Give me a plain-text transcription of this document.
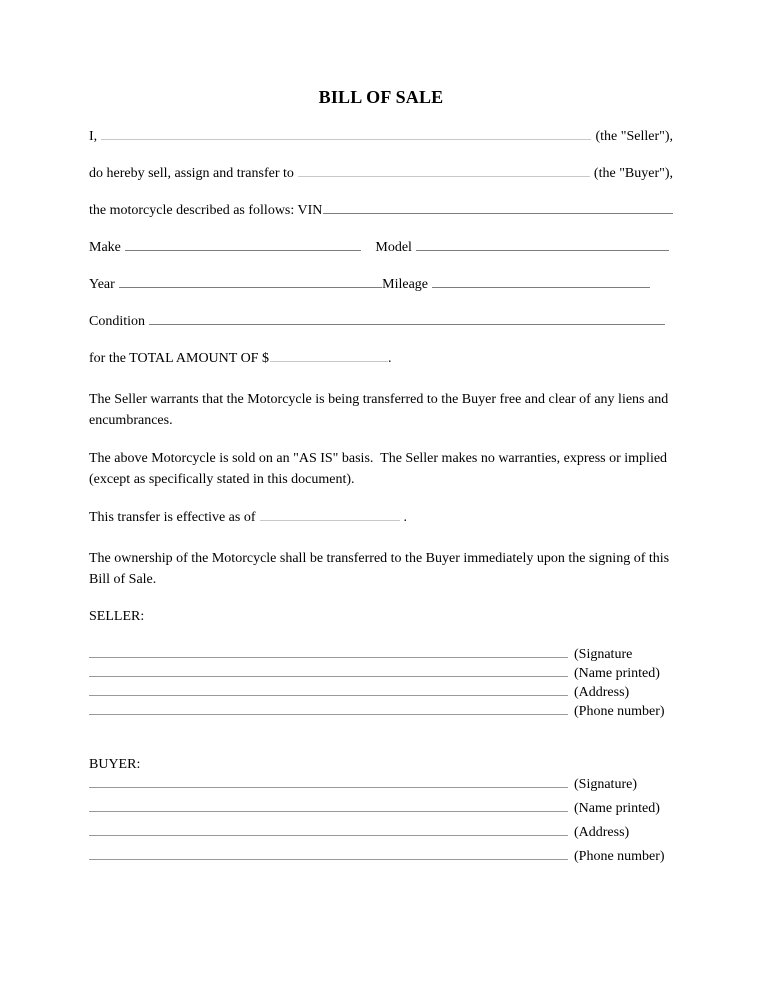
BILL OF SALE
I,	(the "Seller"),
do hereby sell, assign and transfer to	(the "Buyer"),
the motorcycle described as follows: VIN
Make	Model
Year	Mileage
Condition
for the TOTAL AMOUNT OF $	.

The Seller warrants that the Motorcycle is being transferred to the Buyer free and clear of any liens and encumbrances.

The above Motorcycle is sold on an "AS IS" basis.  The Seller makes no warranties, express or implied (except as specifically stated in this document).

This transfer is effective as of	.

The ownership of the Motorcycle shall be transferred to the Buyer immediately upon the signing of this Bill of Sale.

SELLER:
(Signature
(Name printed)
(Address)
(Phone number)
BUYER:
(Signature)
(Name printed)
(Address)
(Phone number)
